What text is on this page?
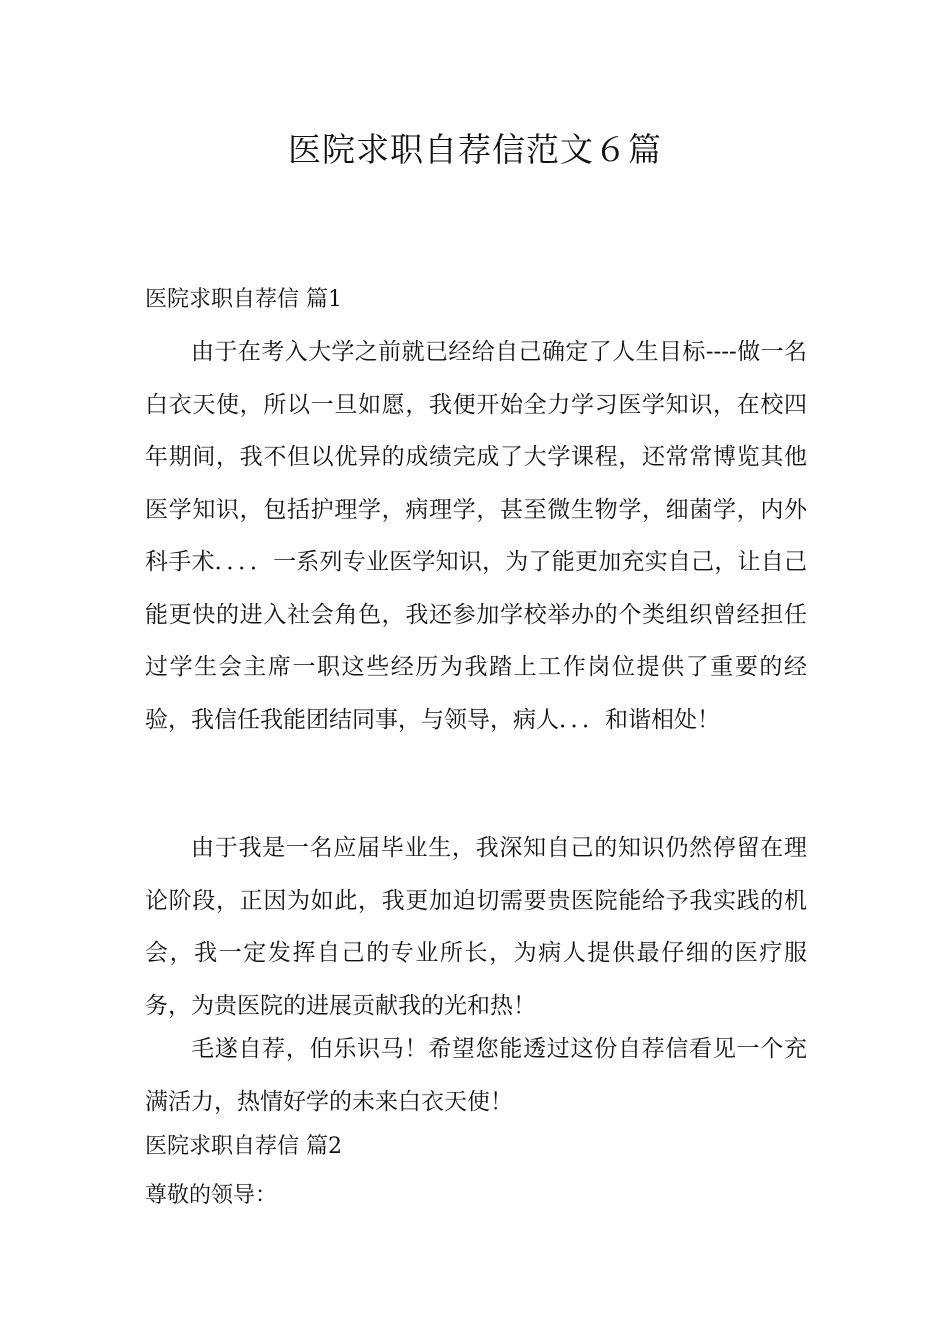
医院求职自荐信范文６篇
医院求职自荐信 篇1

由于在考入大学之前就已经给自己确定了人生目标----做一名白衣天使，所以一旦如愿，我便开始全力学习医学知识，在校四年期间，我不但以优异的成绩完成了大学课程，还常常博览其他医学知识，包括护理学，病理学，甚至微生物学，细菌学，内外科手术．．．．一系列专业医学知识，为了能更加充实自己，让自己能更快的进入社会角色，我还参加学校举办的个类组织曾经担任过学生会主席一职这些经历为我踏上工作岗位提供了重要的经验，我信任我能团结同事，与领导，病人．．．和谐相处！

由于我是一名应届毕业生，我深知自己的知识仍然停留在理论阶段，正因为如此，我更加迫切需要贵医院能给予我实践的机会，我一定发挥自己的专业所长，为病人提供最仔细的医疗服务，为贵医院的进展贡献我的光和热！

毛遂自荐，伯乐识马！希望您能透过这份自荐信看见一个充满活力，热情好学的未来白衣天使！

医院求职自荐信 篇2

尊敬的领导：
